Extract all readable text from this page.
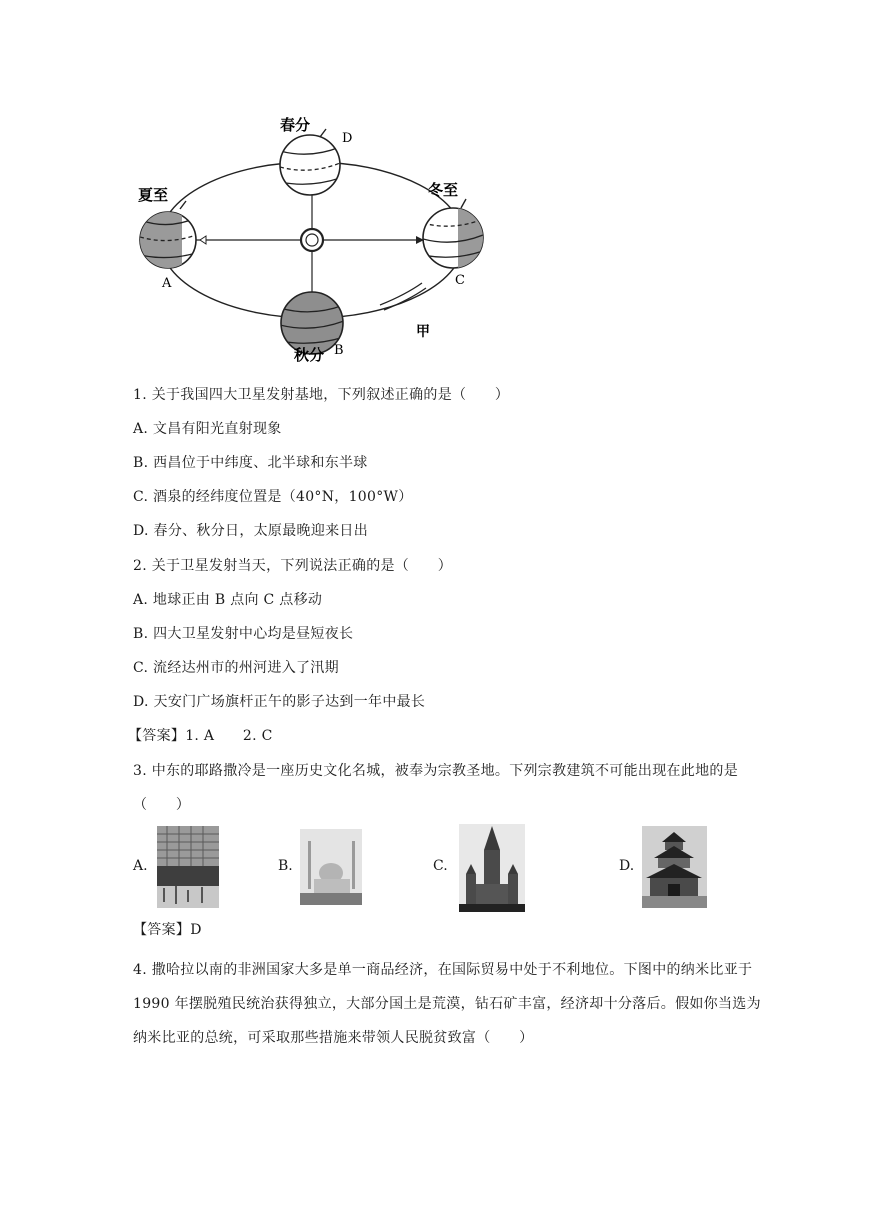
春分
D
夏至	冬至
A	C
秋分 B
甲
1. 关于我国四大卫星发射基地，下列叙述正确的是（　　）
A. 文昌有阳光直射现象
B. 西昌位于中纬度、北半球和东半球
C. 酒泉的经纬度位置是（40°N，100°W）
D. 春分、秋分日，太原最晚迎来日出
2. 关于卫星发射当天，下列说法正确的是（　　）
A. 地球正由 B 点向 C 点移动
B. 四大卫星发射中心均是昼短夜长
C. 流经达州市的州河进入了汛期
D. 天安门广场旗杆正午的影子达到一年中最长
【答案】1. A　　2. C
3. 中东的耶路撒冷是一座历史文化名城，被奉为宗教圣地。下列宗教建筑不可能出现在此地的是（　　）
A.	B.	C.	D.
【答案】D
4. 撒哈拉以南的非洲国家大多是单一商品经济，在国际贸易中处于不利地位。下图中的纳米比亚于 1990 年摆脱殖民统治获得独立，大部分国土是荒漠，钻石矿丰富，经济却十分落后。假如你当选为纳米比亚的总统，可采取那些措施来带领人民脱贫致富（　　）
